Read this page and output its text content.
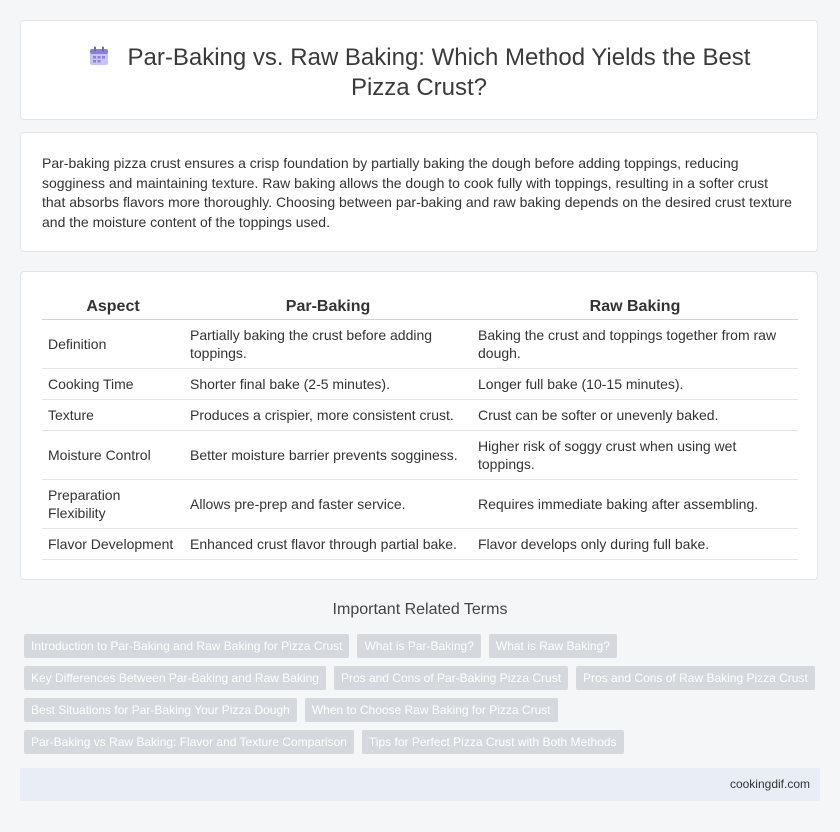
Par-Baking vs. Raw Baking: Which Method Yields the Best Pizza Crust?

Par-baking pizza crust ensures a crisp foundation by partially baking the dough before adding toppings, reducing sogginess and maintaining texture. Raw baking allows the dough to cook fully with toppings, resulting in a softer crust that absorbs flavors more thoroughly. Choosing between par-baking and raw baking depends on the desired crust texture and the moisture content of the toppings used.

Aspect	Par-Baking	Raw Baking
Definition	Partially baking the crust before adding toppings.	Baking the crust and toppings together from raw dough.
Cooking Time	Shorter final bake (2-5 minutes).	Longer full bake (10-15 minutes).
Texture	Produces a crispier, more consistent crust.	Crust can be softer or unevenly baked.
Moisture Control	Better moisture barrier prevents sogginess.	Higher risk of soggy crust when using wet toppings.
Preparation Flexibility	Allows pre-prep and faster service.	Requires immediate baking after assembling.
Flavor Development	Enhanced crust flavor through partial bake.	Flavor develops only during full bake.
Important Related Terms
Introduction to Par-Baking and Raw Baking for Pizza Crust What is Par-Baking? What is Raw Baking?
Key Differences Between Par-Baking and Raw Baking Pros and Cons of Par-Baking Pizza Crust Pros and Cons of Raw Baking Pizza Crust
Best Situations for Par-Baking Your Pizza Dough When to Choose Raw Baking for Pizza Crust
Par-Baking vs Raw Baking: Flavor and Texture Comparison Tips for Perfect Pizza Crust with Both Methods
cookingdif.com
